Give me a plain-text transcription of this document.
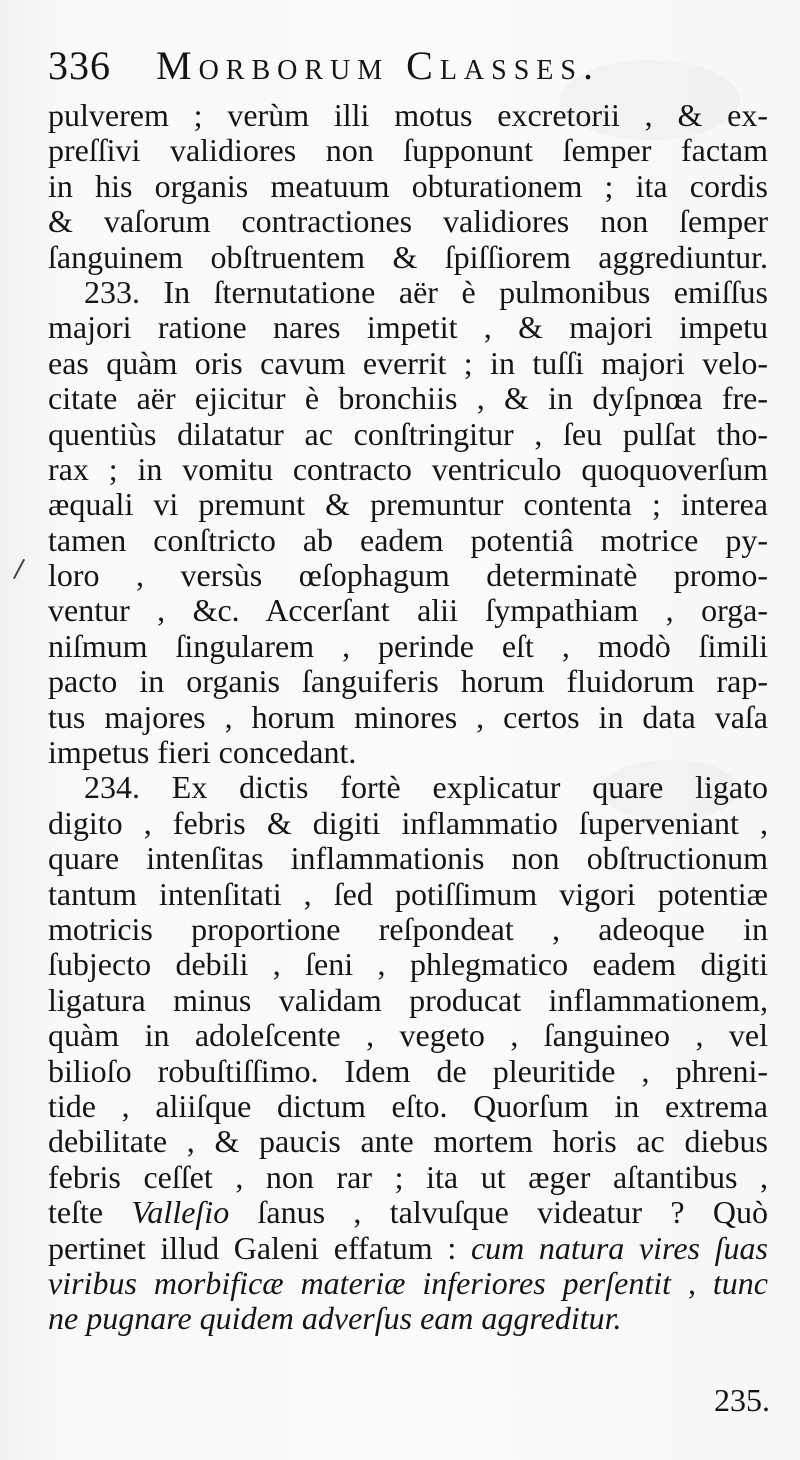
336 Morborum Classes.
pulverem ; verùm illi motus excretorii , & ex-
preſſivi validiores non ſupponunt ſemper factam
in his organis meatuum obturationem ; ita cordis
& vaſorum contractiones validiores non ſemper
ſanguinem obſtruentem & ſpiſſiorem aggrediuntur.
233. In ſternutatione aër è pulmonibus emiſſus
majori ratione nares impetit , & majori impetu
eas quàm oris cavum everrit ; in tuſſi majori velo-
citate aër ejicitur è bronchiis , & in dyſpnœa fre-
quentiùs dilatatur ac conſtringitur , ſeu pulſat tho-
rax ; in vomitu contracto ventriculo quoquoverſum
æquali vi premunt & premuntur contenta ; interea
tamen conſtricto ab eadem potentiâ motrice py-
loro , versùs œſophagum determinatè promo-
ventur , &c. Accerſant alii ſympathiam , orga-
niſmum ſingularem , perinde eſt , modò ſimili
pacto in organis ſanguiferis horum fluidorum rap-
tus majores , horum minores , certos in data vaſa
impetus fieri concedant.
234. Ex dictis fortè explicatur quare ligato
digito , febris & digiti inflammatio ſuperveniant ,
quare intenſitas inflammationis non obſtructionum
tantum intenſitati , ſed potiſſimum vigori potentiæ
motricis proportione reſpondeat , adeoque in
ſubjecto debili , ſeni , phlegmatico eadem digiti
ligatura minus validam producat inflammationem,
quàm in adoleſcente , vegeto , ſanguineo , vel
bilioſo robuſtiſſimo. Idem de pleuritide , phreni-
tide , aliiſque dictum eſto. Quorſum in extrema
debilitate , & paucis ante mortem horis ac diebus
febris ceſſet , non rar ; ita ut æger aſtantibus ,
teſte Valleſio ſanus , talvuſque videatur ? Quò
pertinet illud Galeni effatum : cum natura vires ſuas
viribus morbificæ materiæ inferiores perſentit , tunc
ne pugnare quidem adverſus eam aggreditur.
235.
